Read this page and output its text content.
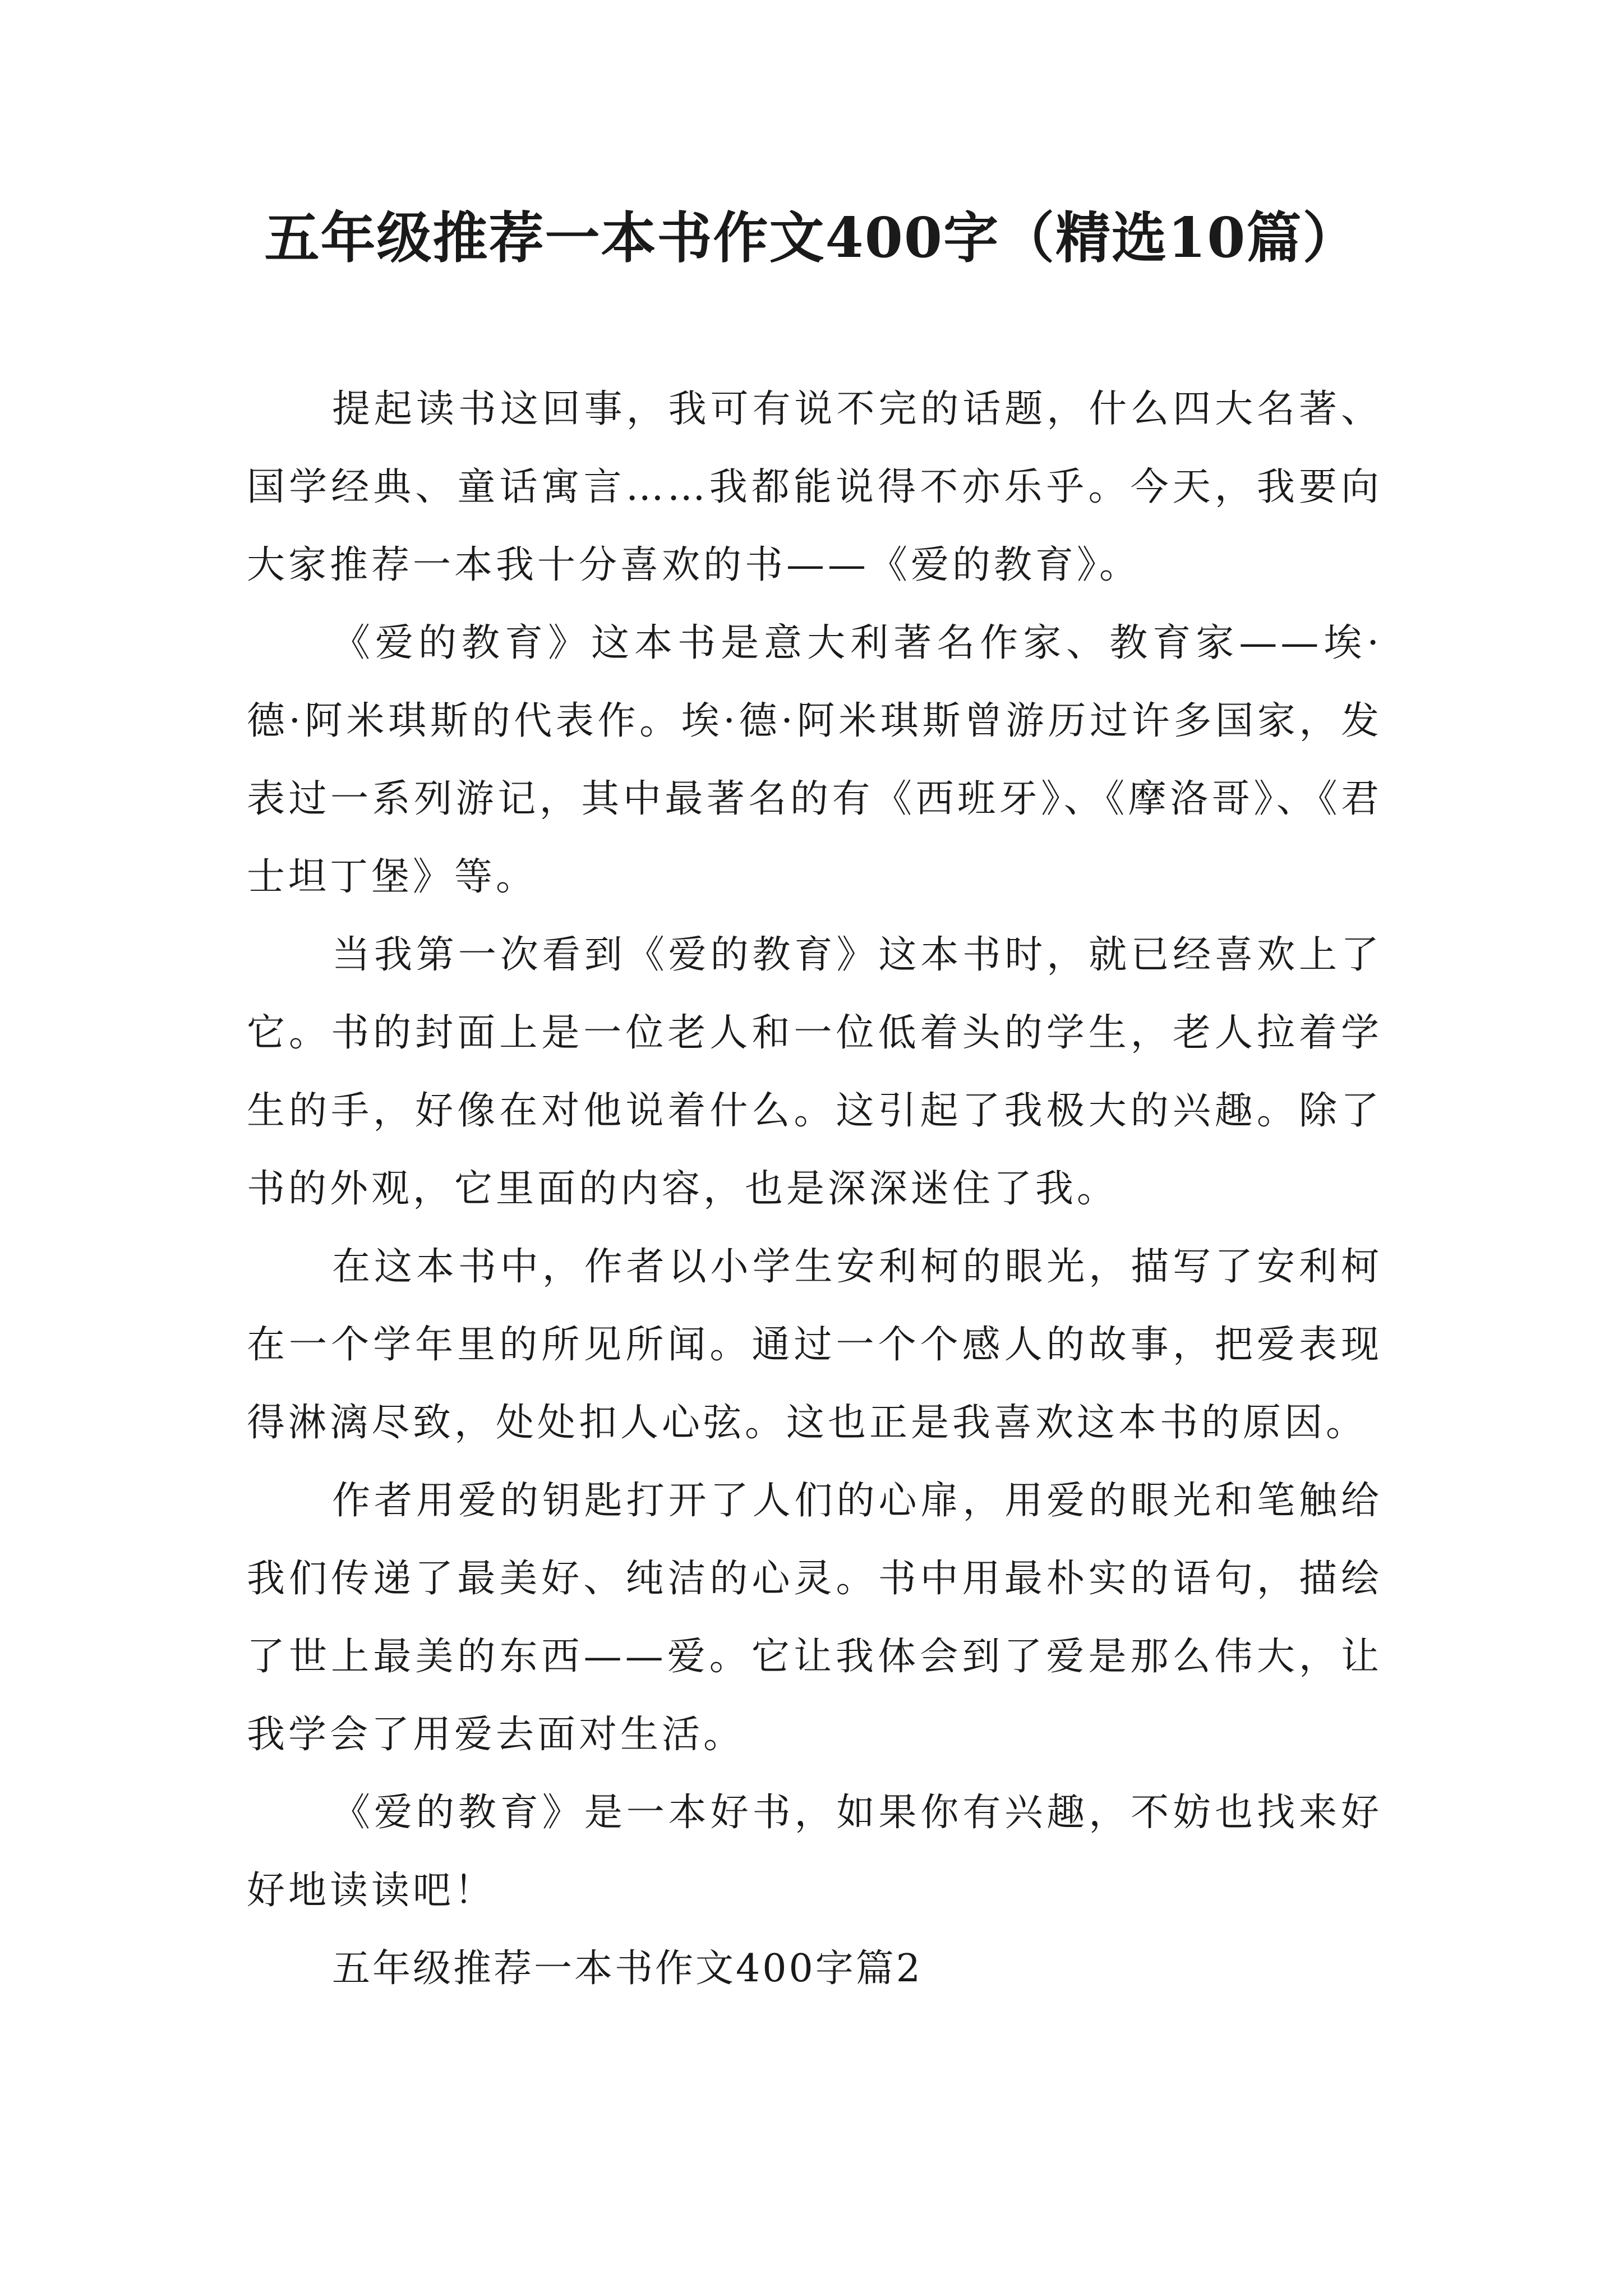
五年级推荐一本书作文400字（精选10篇）

提起读书这回事，我可有说不完的话题，什么四大名著、国学经典、童话寓言……我都能说得不亦乐乎。今天，我要向大家推荐一本我十分喜欢的书——《爱的教育》。

《爱的教育》这本书是意大利著名作家、教育家——埃·德·阿米琪斯的代表作。埃·德·阿米琪斯曾游历过许多国家，发表过一系列游记，其中最著名的有《西班牙》、《摩洛哥》、《君士坦丁堡》等。

当我第一次看到《爱的教育》这本书时，就已经喜欢上了它。书的封面上是一位老人和一位低着头的学生，老人拉着学生的手，好像在对他说着什么。这引起了我极大的兴趣。除了书的外观，它里面的内容，也是深深迷住了我。

在这本书中，作者以小学生安利柯的眼光，描写了安利柯在一个学年里的所见所闻。通过一个个感人的故事，把爱表现得淋漓尽致，处处扣人心弦。这也正是我喜欢这本书的原因。

作者用爱的钥匙打开了人们的心扉，用爱的眼光和笔触给我们传递了最美好、纯洁的心灵。书中用最朴实的语句，描绘了世上最美的东西——爱。它让我体会到了爱是那么伟大，让我学会了用爱去面对生活。

《爱的教育》是一本好书，如果你有兴趣，不妨也找来好好地读读吧！

五年级推荐一本书作文400字篇2
